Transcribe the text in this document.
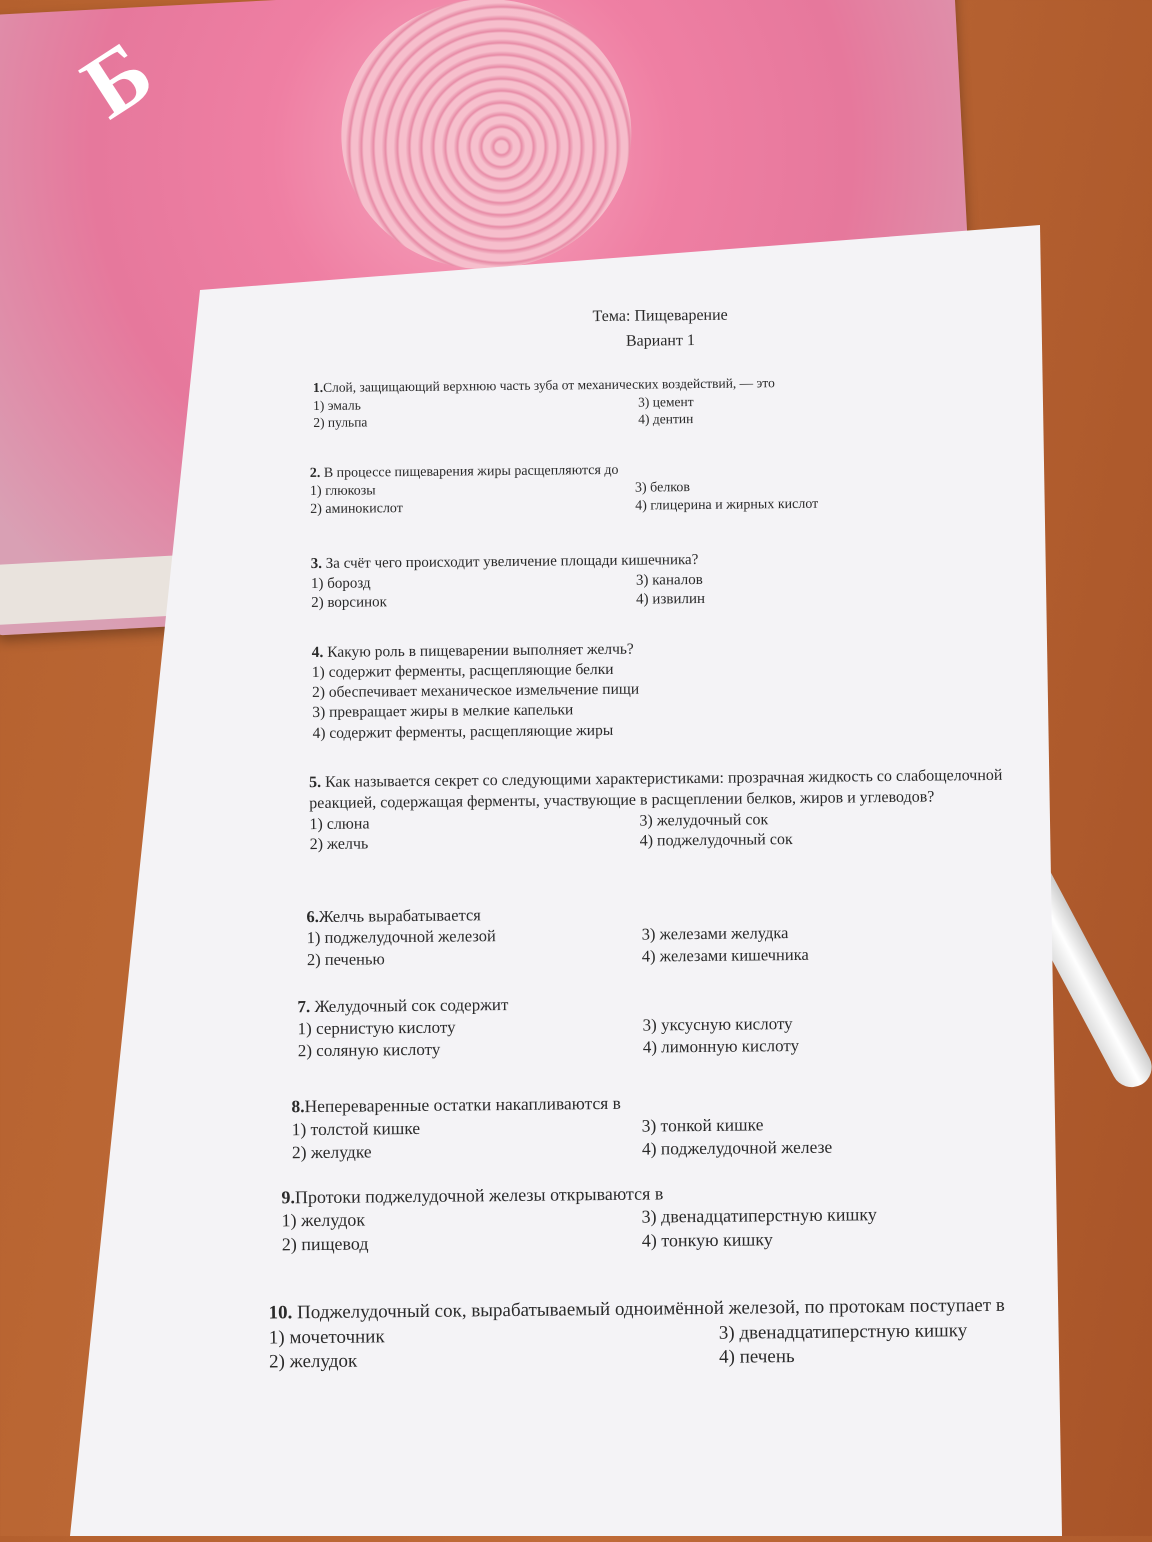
Б
Тема: Пищеварение
Вариант 1
1.Слой, защищающий верхнюю часть зуба от механических воздействий, — это
1) эмаль	3) цемент
2) пульпа	4) дентин
2. В процессе пищеварения жиры расщепляются до
1) глюкозы	3) белков
2) аминокислот	4) глицерина и жирных кислот
3. За счёт чего происходит увеличение площади кишечника?
1) борозд	3) каналов
2) ворсинок	4) извилин
4. Какую роль в пищеварении выполняет желчь?
1) содержит ферменты, расщепляющие белки
2) обеспечивает механическое измельчение пищи
3) превращает жиры в мелкие капельки
4) содержит ферменты, расщепляющие жиры
5. Как называется секрет со следующими характеристиками: прозрачная жидкость со слабощелочной реакцией, содержащая ферменты, участвующие в расщеплении белков, жиров и углеводов?
1) слюна	3) желудочный сок
2) желчь	4) поджелудочный сок
6.Желчь вырабатывается
1) поджелудочной железой	3) железами желудка
2) печенью	4) железами кишечника
7. Желудочный сок содержит
1) сернистую кислоту	3) уксусную кислоту
2) соляную кислоту	4) лимонную кислоту
8.Непереваренные остатки накапливаются в
1) толстой кишке	3) тонкой кишке
2) желудке	4) поджелудочной железе
9.Протоки поджелудочной железы открываются в
1) желудок	3) двенадцатиперстную кишку
2) пищевод	4) тонкую кишку
10. Поджелудочный сок, вырабатываемый одноимённой железой, по протокам поступает в
1) мочеточник	3) двенадцатиперстную кишку
2) желудок	4) печень
